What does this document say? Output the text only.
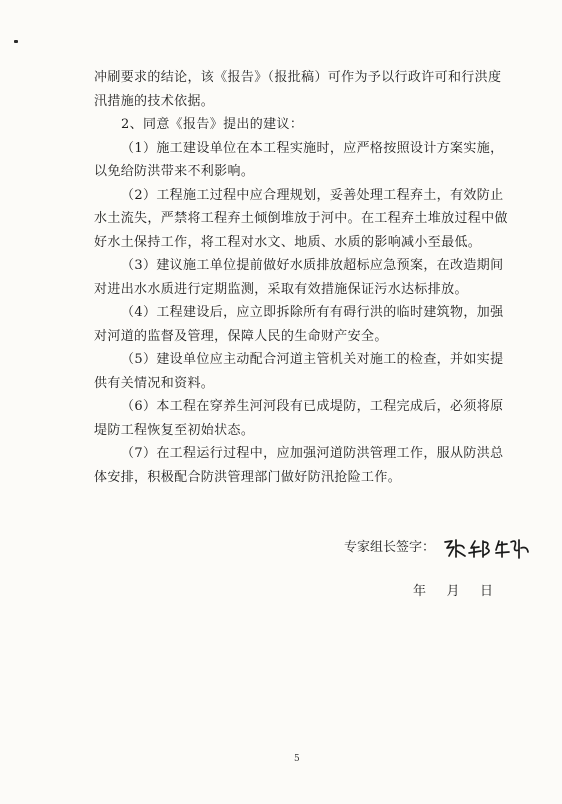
冲刷要求的结论，该《报告》（报批稿）可作为予以行政许可和行洪度汛措施的技术依据。

2、同意《报告》提出的建议：

（1）施工建设单位在本工程实施时，应严格按照设计方案实施，以免给防洪带来不利影响。

（2）工程施工过程中应合理规划，妥善处理工程弃土，有效防止水土流失，严禁将工程弃土倾倒堆放于河中。在工程弃土堆放过程中做好水土保持工作，将工程对水文、地质、水质的影响减小至最低。

（3）建议施工单位提前做好水质排放超标应急预案，在改造期间对进出水水质进行定期监测，采取有效措施保证污水达标排放。

（4）工程建设后，应立即拆除所有有碍行洪的临时建筑物，加强对河道的监督及管理，保障人民的生命财产安全。

（5）建设单位应主动配合河道主管机关对施工的检查，并如实提供有关情况和资料。

（6）本工程在穿养生河河段有已成堤防，工程完成后，必须将原堤防工程恢复至初始状态。

（7）在工程运行过程中，应加强河道防洪管理工作，服从防洪总体安排，积极配合防洪管理部门做好防汛抢险工作。

专家组长签字：
年 月 日
5
